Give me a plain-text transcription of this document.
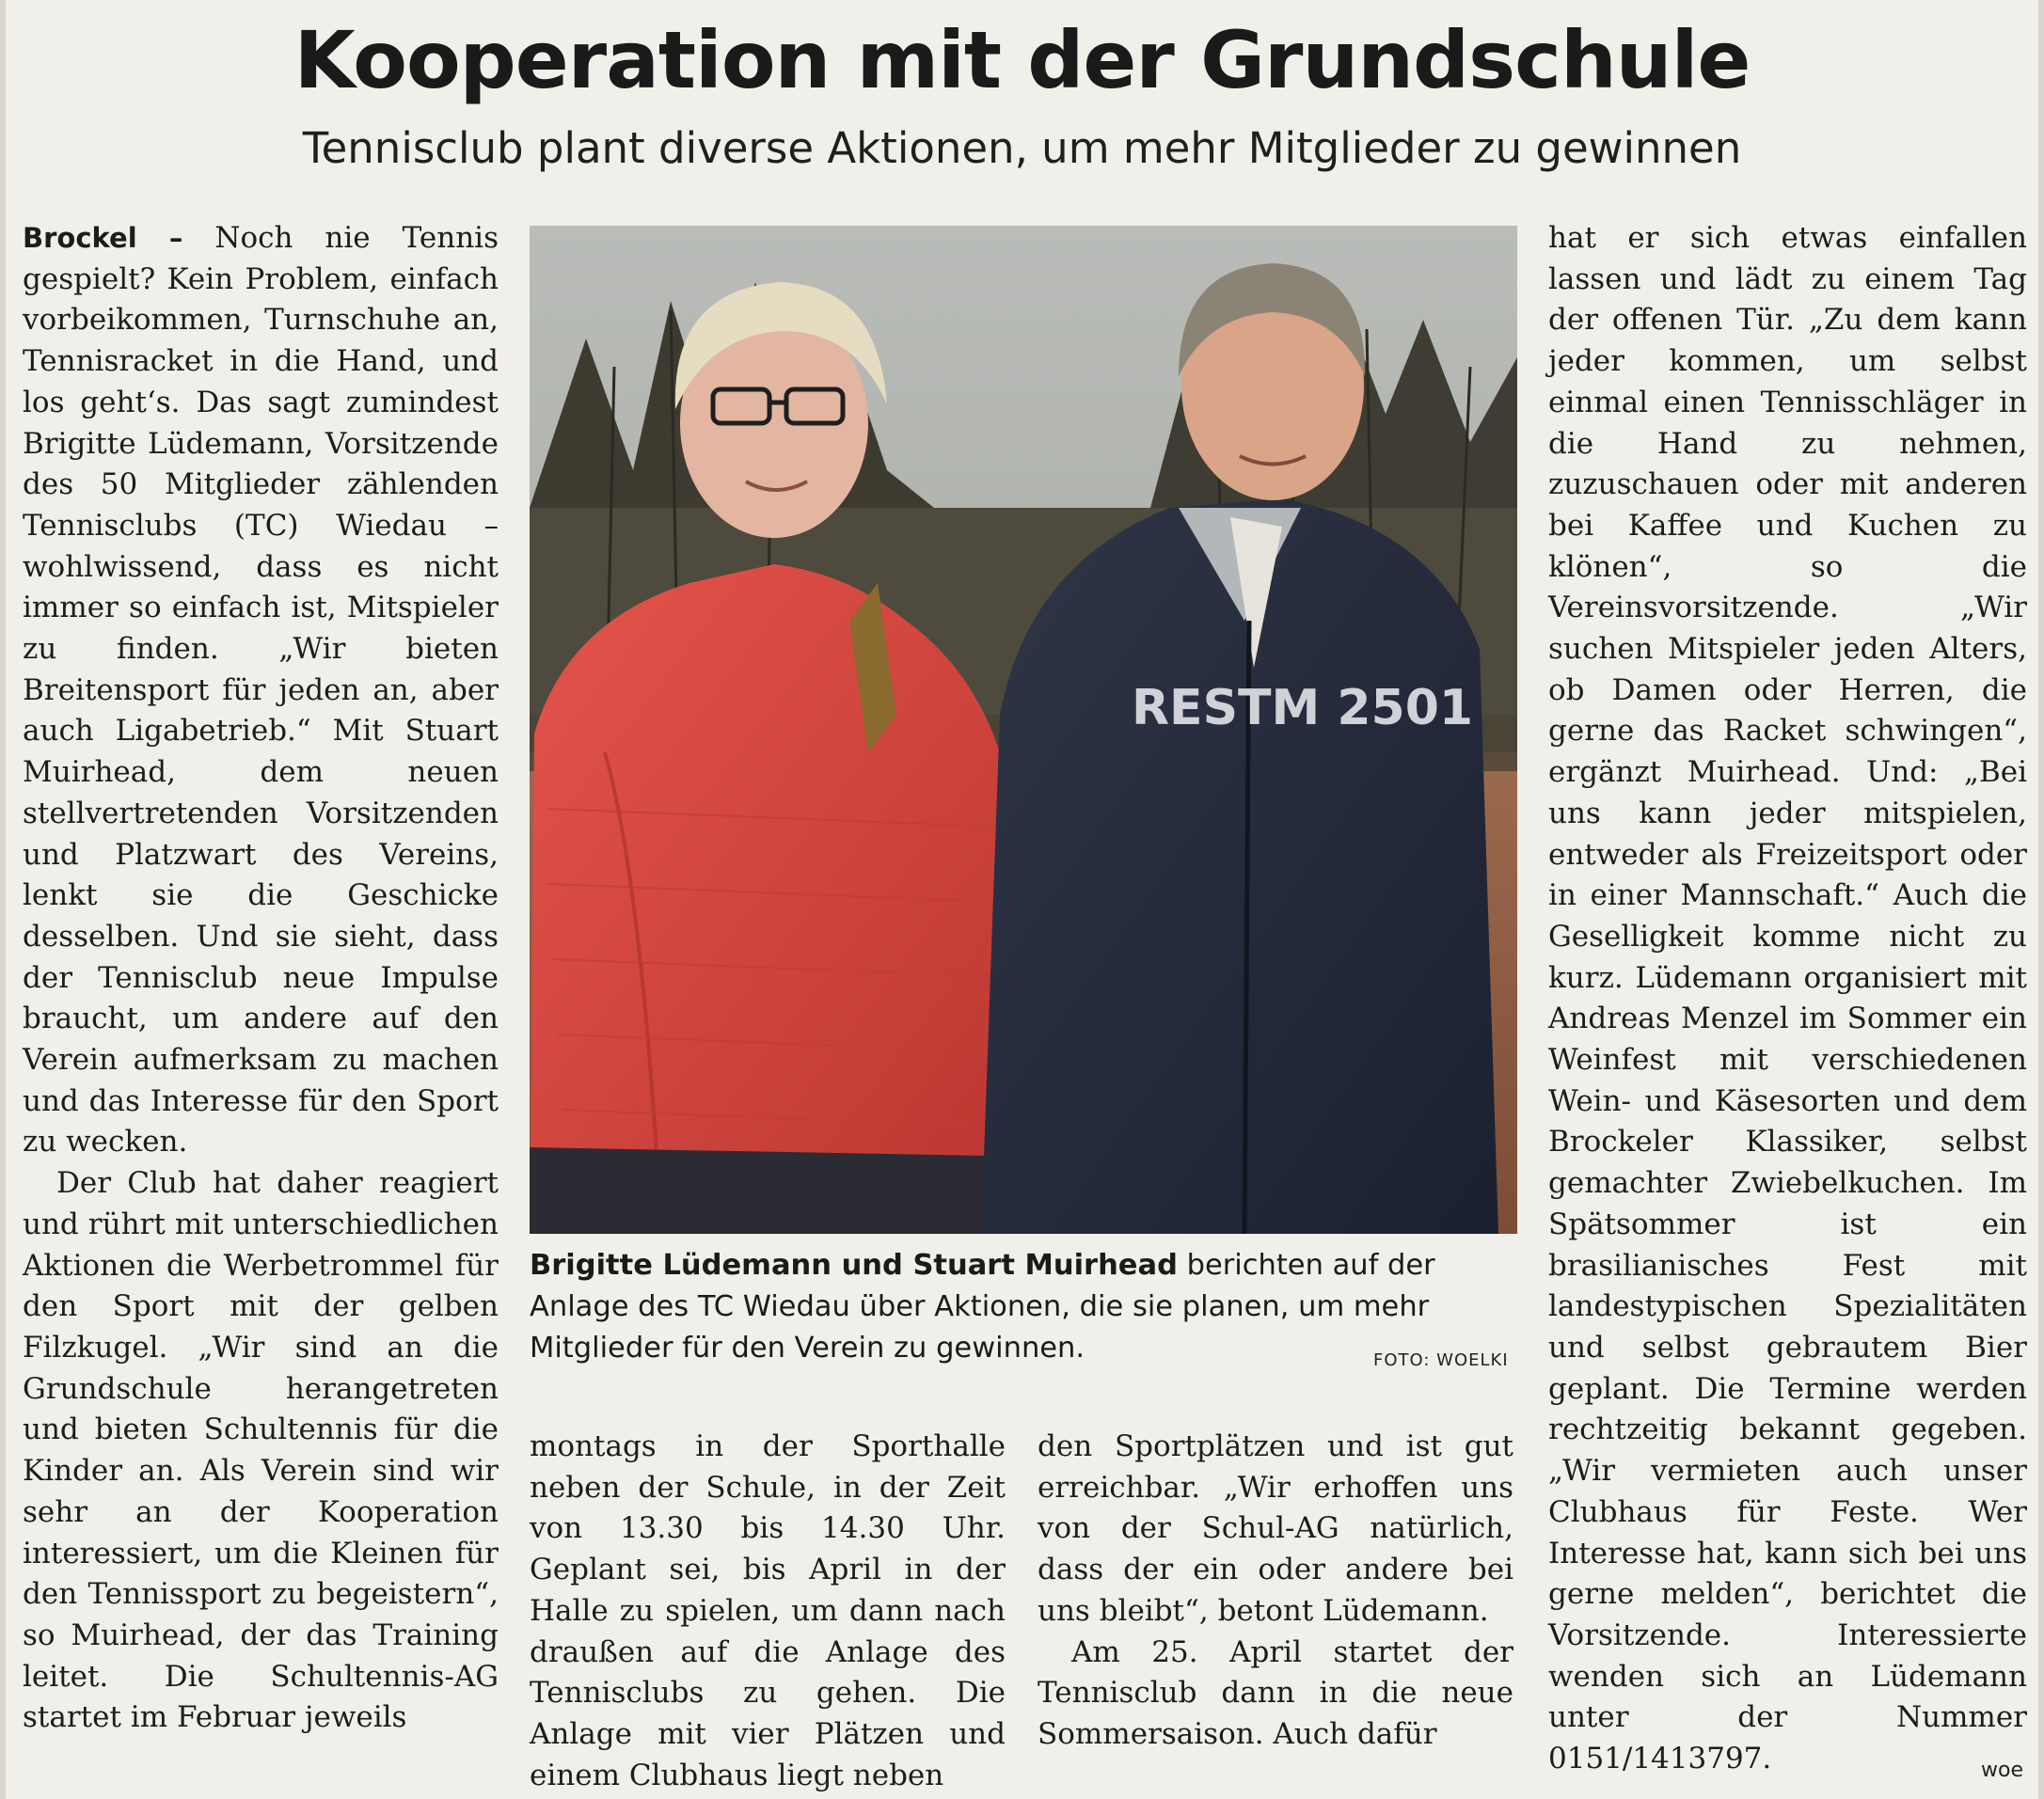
Kooperation mit der Grundschule
Tennisclub plant diverse Aktionen, um mehr Mitglieder zu gewinnen

Brockel – Noch nie Tennis gespielt? Kein Problem, einfach vorbeikommen, Turnschuhe an, Tennisracket in die Hand, und los geht‘s. Das sagt zumindest Brigitte Lüdemann, Vorsitzende des 50 Mitglieder zählenden Tennisclubs (TC) Wiedau – wohlwissend, dass es nicht immer so einfach ist, Mitspieler zu finden. „Wir bieten Breitensport für jeden an, aber auch Ligabetrieb.“ Mit Stuart Muirhead, dem neuen stellvertretenden Vorsitzenden und Platzwart des Vereins, lenkt sie die Geschicke desselben. Und sie sieht, dass der Tennisclub neue Impulse braucht, um andere auf den Verein aufmerksam zu machen und das Interesse für den Sport zu wecken.

Der Club hat daher reagiert und rührt mit unterschiedlichen Aktionen die Werbetrommel für den Sport mit der gelben Filzkugel. „Wir sind an die Grundschule herangetreten und bieten Schultennis für die Kinder an. Als Verein sind wir sehr an der Kooperation interessiert, um die Kleinen für den Tennissport zu begeistern“, so Muirhead, der das Training leitet. Die Schultennis-AG startet im Februar jeweils

RESTM 2501
Brigitte Lüdemann und Stuart Muirhead berichten auf der Anlage des TC Wiedau über Aktionen, die sie planen, um mehr Mitglieder für den Verein zu gewinnen.	FOTO: WOELKI

montags in der Sporthalle neben der Schule, in der Zeit von 13.30 bis 14.30 Uhr. Geplant sei, bis April in der Halle zu spielen, um dann nach draußen auf die Anlage des Tennisclubs zu gehen. Die Anlage mit vier Plätzen und einem Clubhaus liegt neben

den Sportplätzen und ist gut erreichbar. „Wir erhoffen uns von der Schul-AG natürlich, dass der ein oder andere bei uns bleibt“, betont Lüdemann.

Am 25. April startet der Tennisclub dann in die neue Sommersaison. Auch dafür

hat er sich etwas einfallen lassen und lädt zu einem Tag der offenen Tür. „Zu dem kann jeder kommen, um selbst einmal einen Tennisschläger in die Hand zu nehmen, zuzuschauen oder mit anderen bei Kaffee und Kuchen zu klönen“, so die Vereinsvorsitzende. „Wir suchen Mitspieler jeden Alters, ob Damen oder Herren, die gerne das Racket schwingen“, ergänzt Muirhead. Und: „Bei uns kann jeder mitspielen, entweder als Freizeitsport oder in einer Mannschaft.“ Auch die Geselligkeit komme nicht zu kurz. Lüdemann organisiert mit Andreas Menzel im Sommer ein Weinfest mit verschiedenen Wein- und Käsesorten und dem Brockeler Klassiker, selbst gemachter Zwiebelkuchen. Im Spätsommer ist ein brasilianisches Fest mit landestypischen Spezialitäten und selbst gebrautem Bier geplant. Die Termine werden rechtzeitig bekannt gegeben. „Wir vermieten auch unser Clubhaus für Feste. Wer Interesse hat, kann sich bei uns gerne melden“, berichtet die Vorsitzende. Interessierte wenden sich an Lüdemann unter der Nummer 0151/1413797.	woe
